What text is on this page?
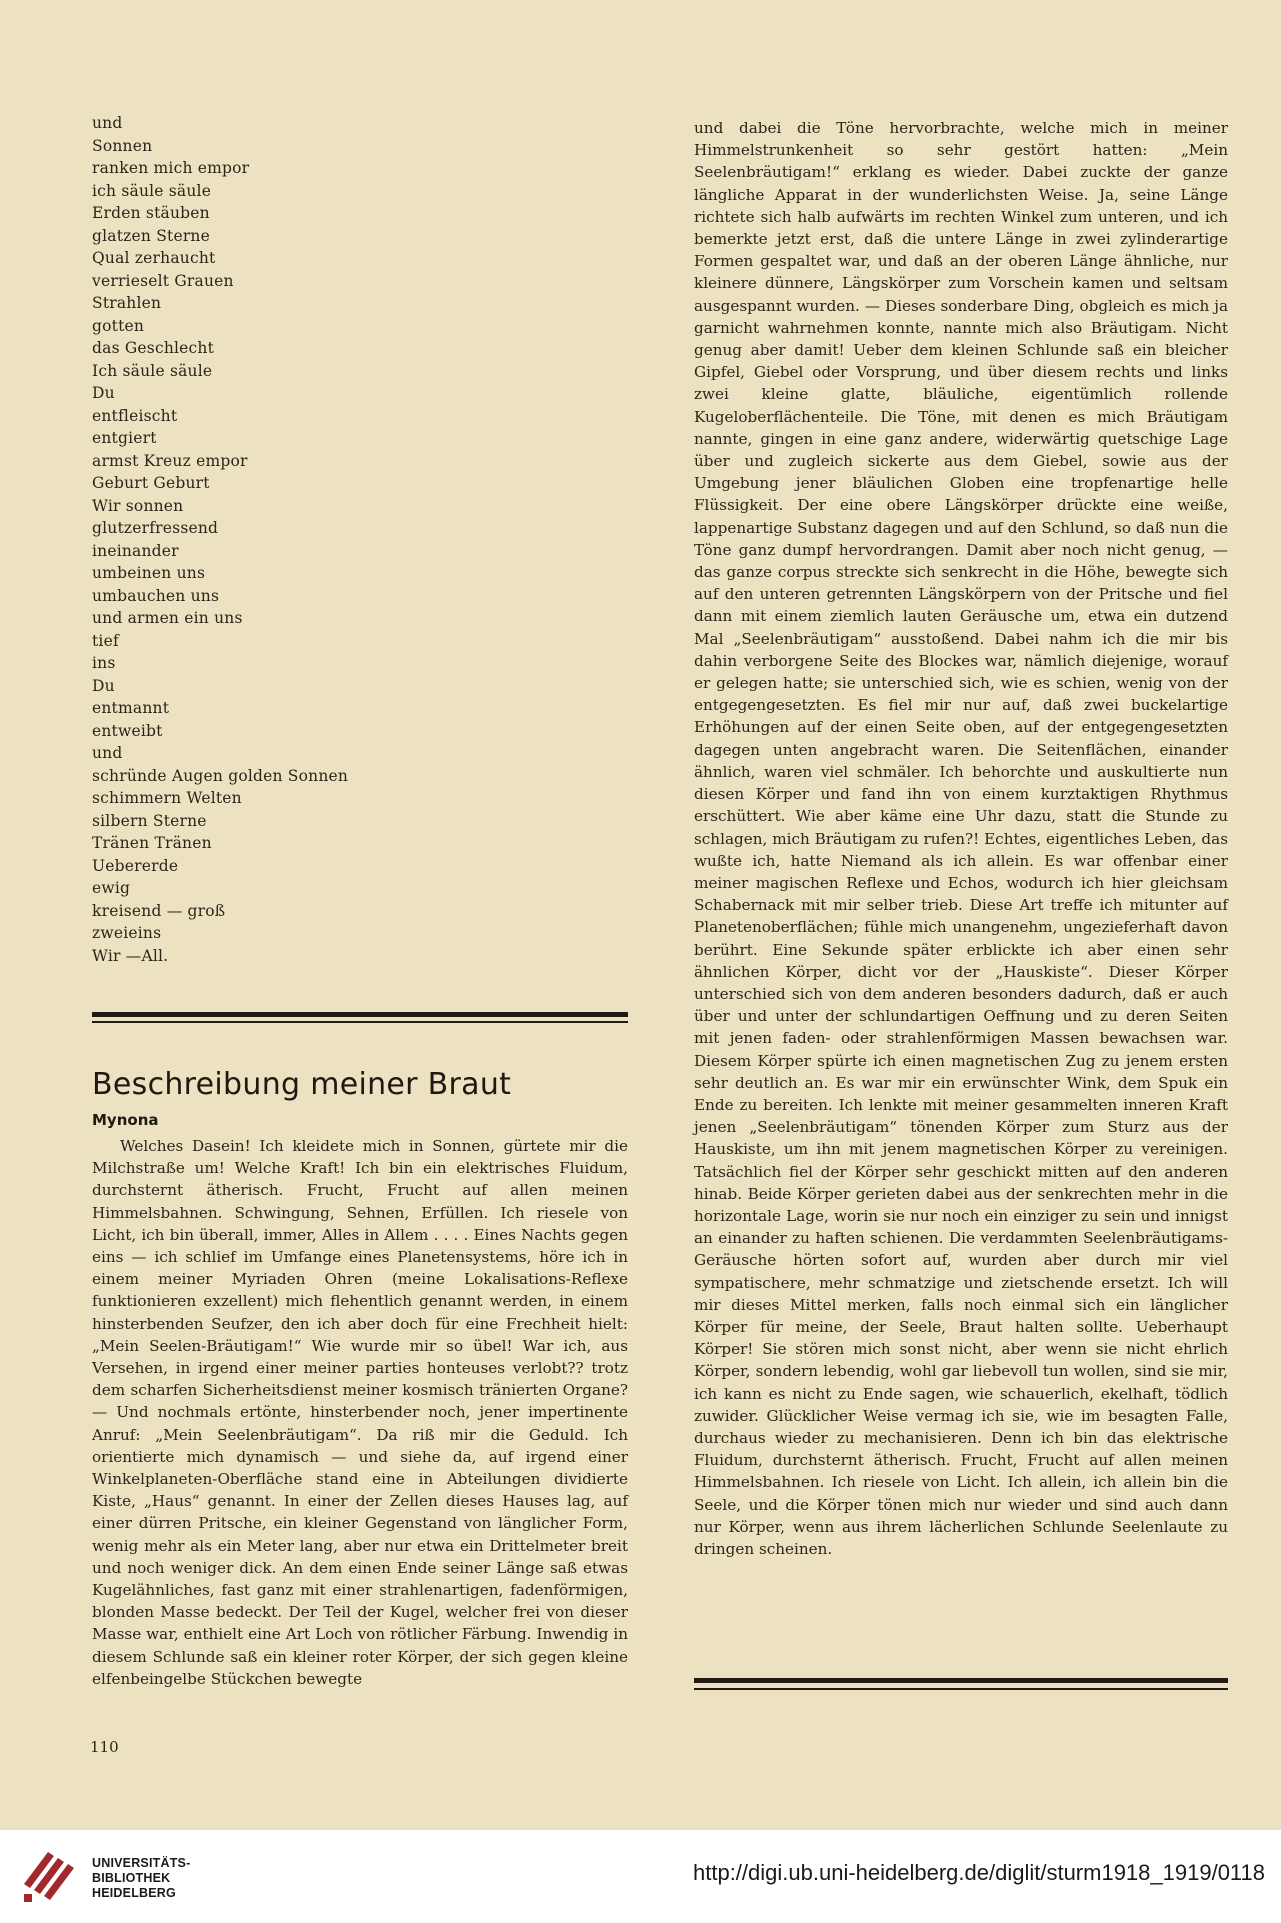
und
Sonnen
ranken mich empor
ich säule säule
Erden stäuben
glatzen Sterne
Qual zerhaucht
verrieselt Grauen
Strahlen
gotten
das Geschlecht
Ich säule säule
Du
entfleischt
entgiert
armst Kreuz empor
Geburt Geburt
Wir sonnen
glutzerfressend
ineinander
umbeinen uns
umbauchen uns
und armen ein uns
tief
ins
Du
entmannt
entweibt
und
schründe Augen golden Sonnen
schimmern Welten
silbern Sterne
Tränen Tränen
Uebererde
ewig
kreisend — groß
zweieins
Wir —All.
Beschreibung meiner Braut
Mynona

Welches Dasein! Ich kleidete mich in Sonnen, gürtete mir die Milchstraße um! Welche Kraft! Ich bin ein elektrisches Fluidum, durchsternt ätherisch. Frucht, Frucht auf allen meinen Himmelsbahnen. Schwingung, Sehnen, Erfüllen. Ich riesele von Licht, ich bin überall, immer, Alles in Allem . . . . Eines Nachts gegen eins — ich schlief im Umfange eines Planetensystems, höre ich in einem meiner Myriaden Ohren (meine Lokalisations-Reflexe funktionieren exzellent) mich flehentlich genannt werden, in einem hinsterbenden Seufzer, den ich aber doch für eine Frechheit hielt: „Mein Seelen-Bräutigam!“ Wie wurde mir so übel! War ich, aus Versehen, in irgend einer meiner parties honteuses verlobt?? trotz dem scharfen Sicherheitsdienst meiner kosmisch tränierten Organe? — Und nochmals ertönte, hinsterbender noch, jener impertinente Anruf: „Mein Seelenbräutigam“. Da riß mir die Geduld. Ich orientierte mich dynamisch — und siehe da, auf irgend einer Winkelplaneten-Oberfläche stand eine in Abteilungen dividierte Kiste, „Haus“ genannt. In einer der Zellen dieses Hauses lag, auf einer dürren Pritsche, ein kleiner Gegenstand von länglicher Form, wenig mehr als ein Meter lang, aber nur etwa ein Drittelmeter breit und noch weniger dick. An dem einen Ende seiner Länge saß etwas Kugelähnliches, fast ganz mit einer strahlenartigen, fadenförmigen, blonden Masse bedeckt. Der Teil der Kugel, welcher frei von dieser Masse war, enthielt eine Art Loch von rötlicher Färbung. Inwendig in diesem Schlunde saß ein kleiner roter Körper, der sich gegen kleine elfenbeingelbe Stückchen bewegte

und dabei die Töne hervorbrachte, welche mich in meiner Himmelstrunkenheit so sehr gestört hatten: „Mein Seelenbräutigam!“ erklang es wieder. Dabei zuckte der ganze längliche Apparat in der wunderlichsten Weise. Ja, seine Länge richtete sich halb aufwärts im rechten Winkel zum unteren, und ich bemerkte jetzt erst, daß die untere Länge in zwei zylinderartige Formen gespaltet war, und daß an der oberen Länge ähnliche, nur kleinere dünnere, Längskörper zum Vorschein kamen und seltsam ausgespannt wurden. — Dieses sonderbare Ding, obgleich es mich ja garnicht wahrnehmen konnte, nannte mich also Bräutigam. Nicht genug aber damit! Ueber dem kleinen Schlunde saß ein bleicher Gipfel, Giebel oder Vorsprung, und über diesem rechts und links zwei kleine glatte, bläuliche, eigentümlich rollende Kugeloberflächenteile. Die Töne, mit denen es mich Bräutigam nannte, gingen in eine ganz andere, widerwärtig quetschige Lage über und zugleich sickerte aus dem Giebel, sowie aus der Umgebung jener bläulichen Globen eine tropfenartige helle Flüssigkeit. Der eine obere Längskörper drückte eine weiße, lappenartige Substanz dagegen und auf den Schlund, so daß nun die Töne ganz dumpf hervordrangen. Damit aber noch nicht genug, — das ganze corpus streckte sich senkrecht in die Höhe, bewegte sich auf den unteren getrennten Längskörpern von der Pritsche und fiel dann mit einem ziemlich lauten Geräusche um, etwa ein dutzend Mal „Seelenbräutigam“ ausstoßend. Dabei nahm ich die mir bis dahin verborgene Seite des Blockes war, nämlich diejenige, worauf er gelegen hatte; sie unterschied sich, wie es schien, wenig von der entgegengesetzten. Es fiel mir nur auf, daß zwei buckelartige Erhöhungen auf der einen Seite oben, auf der entgegengesetzten dagegen unten angebracht waren. Die Seitenflächen, einander ähnlich, waren viel schmäler. Ich behorchte und auskultierte nun diesen Körper und fand ihn von einem kurztaktigen Rhythmus erschüttert. Wie aber käme eine Uhr dazu, statt die Stunde zu schlagen, mich Bräutigam zu rufen?! Echtes, eigentliches Leben, das wußte ich, hatte Niemand als ich allein. Es war offenbar einer meiner magischen Reflexe und Echos, wodurch ich hier gleichsam Schabernack mit mir selber trieb. Diese Art treffe ich mitunter auf Planetenoberflächen; fühle mich unangenehm, ungezieferhaft davon berührt. Eine Sekunde später erblickte ich aber einen sehr ähnlichen Körper, dicht vor der „Hauskiste“. Dieser Körper unterschied sich von dem anderen besonders dadurch, daß er auch über und unter der schlundartigen Oeffnung und zu deren Seiten mit jenen faden- oder strahlenförmigen Massen bewachsen war. Diesem Körper spürte ich einen magnetischen Zug zu jenem ersten sehr deutlich an. Es war mir ein erwünschter Wink, dem Spuk ein Ende zu bereiten. Ich lenkte mit meiner gesammelten inneren Kraft jenen „Seelenbräutigam“ tönenden Körper zum Sturz aus der Hauskiste, um ihn mit jenem magnetischen Körper zu vereinigen. Tatsächlich fiel der Körper sehr geschickt mitten auf den anderen hinab. Beide Körper gerieten dabei aus der senkrechten mehr in die horizontale Lage, worin sie nur noch ein einziger zu sein und innigst an einander zu haften schienen. Die verdammten Seelenbräutigams-Geräusche hörten sofort auf, wurden aber durch mir viel sympatischere, mehr schmatzige und zietschende ersetzt. Ich will mir dieses Mittel merken, falls noch einmal sich ein länglicher Körper für meine, der Seele, Braut halten sollte. Ueberhaupt Körper! Sie stören mich sonst nicht, aber wenn sie nicht ehrlich Körper, sondern lebendig, wohl gar liebevoll tun wollen, sind sie mir, ich kann es nicht zu Ende sagen, wie schauerlich, ekelhaft, tödlich zuwider. Glücklicher Weise vermag ich sie, wie im besagten Falle, durchaus wieder zu mechanisieren. Denn ich bin das elektrische Fluidum, durchsternt ätherisch. Frucht, Frucht auf allen meinen Himmelsbahnen. Ich riesele von Licht. Ich allein, ich allein bin die Seele, und die Körper tönen mich nur wieder und sind auch dann nur Körper, wenn aus ihrem lächerlichen Schlunde Seelenlaute zu dringen scheinen.

110
UNIVERSITÄTS-
BIBLIOTHEK
HEIDELBERG
http://digi.ub.uni-heidelberg.de/diglit/sturm1918_1919/0118
